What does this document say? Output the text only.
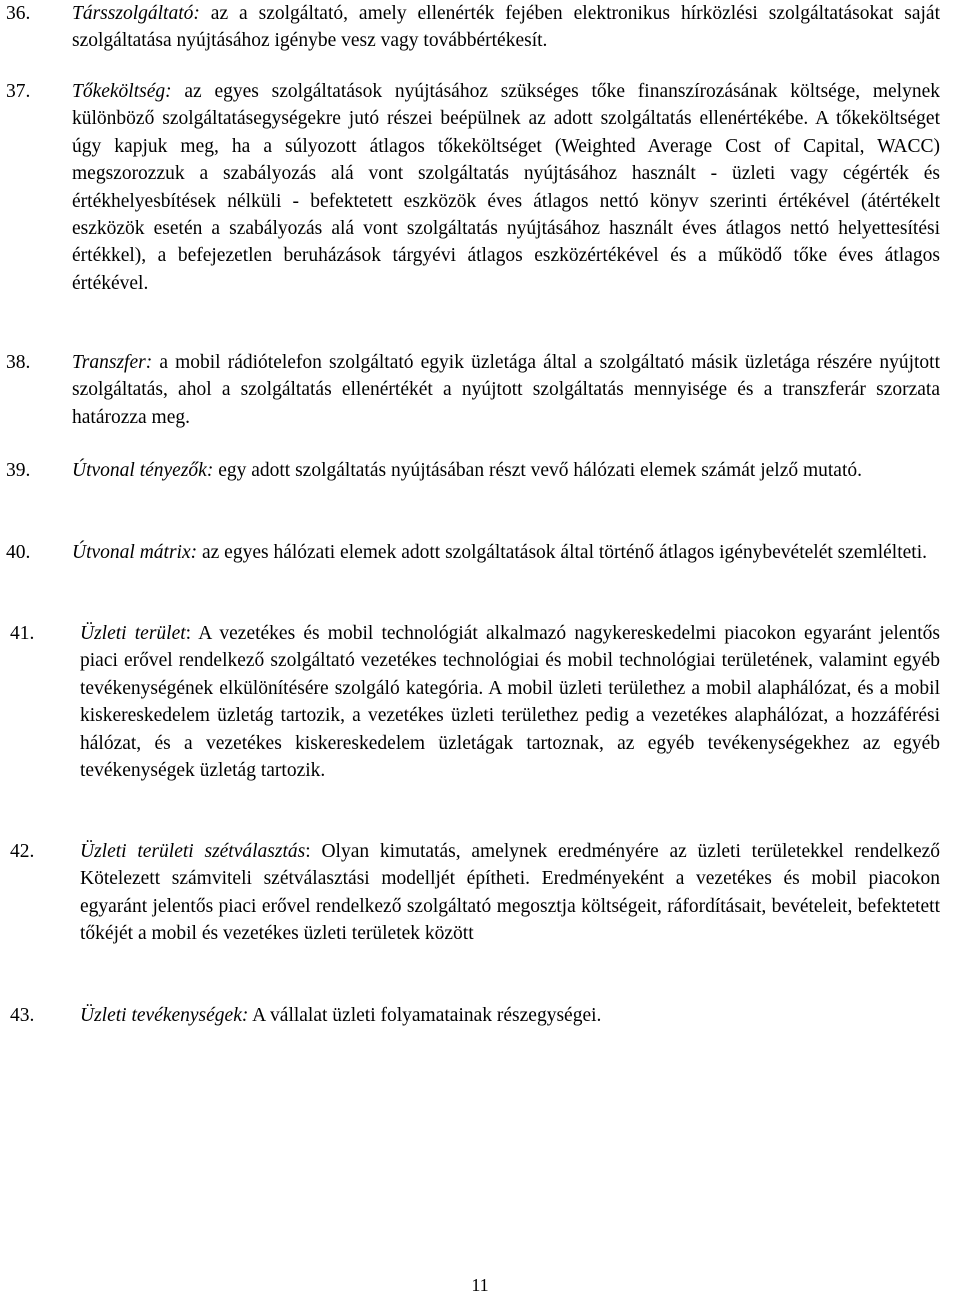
36. Társszolgáltató: az a szolgáltató, amely ellenérték fejében elektronikus hírközlési szolgáltatásokat saját szolgáltatása nyújtásához igénybe vesz vagy továbbértékesít.
37. Tőkeköltség: az egyes szolgáltatások nyújtásához szükséges tőke finanszírozásának költsége, melynek különböző szolgáltatásegységekre jutó részei beépülnek az adott szolgáltatás ellenértékébe. A tőkeköltséget úgy kapjuk meg, ha a súlyozott átlagos tőkeköltséget (Weighted Average Cost of Capital, WACC) megszorozzuk a szabályozás alá vont szolgáltatás nyújtásához használt - üzleti vagy cégérték és értékhelyesbítések nélküli - befektetett eszközök éves átlagos nettó könyv szerinti értékével (átértékelt eszközök esetén a szabályozás alá vont szolgáltatás nyújtásához használt éves átlagos nettó helyettesítési értékkel), a befejezetlen beruházások tárgyévi átlagos eszközértékével és a működő tőke éves átlagos értékével.
38. Transzfer: a mobil rádiótelefon szolgáltató egyik üzletága által a szolgáltató másik üzletága részére nyújtott szolgáltatás, ahol a szolgáltatás ellenértékét a nyújtott szolgáltatás mennyisége és a transzferár szorzata határozza meg.
39. Útvonal tényezők: egy adott szolgáltatás nyújtásában részt vevő hálózati elemek számát jelző mutató.
40. Útvonal mátrix: az egyes hálózati elemek adott szolgáltatások által történő átlagos igénybevételét szemlélteti.
41. Üzleti terület: A vezetékes és mobil technológiát alkalmazó nagykereskedelmi piacokon egyaránt jelentős piaci erővel rendelkező szolgáltató vezetékes technológiai és mobil technológiai területének, valamint egyéb tevékenységének elkülönítésére szolgáló kategória. A mobil üzleti területhez a mobil alaphálózat, és a mobil kiskereskedelem üzletág tartozik, a vezetékes üzleti területhez pedig a vezetékes alaphálózat, a hozzáférési hálózat, és a vezetékes kiskereskedelem üzletágak tartoznak, az egyéb tevékenységekhez az egyéb tevékenységek üzletág tartozik.
42. Üzleti területi szétválasztás: Olyan kimutatás, amelynek eredményére az üzleti területekkel rendelkező Kötelezett számviteli szétválasztási modelljét építheti. Eredményeként a vezetékes és mobil piacokon egyaránt jelentős piaci erővel rendelkező szolgáltató megosztja költségeit, ráfordításait, bevételeit, befektetett tőkéjét a mobil és vezetékes üzleti területek között
43. Üzleti tevékenységek: A vállalat üzleti folyamatainak részegységei.
11
